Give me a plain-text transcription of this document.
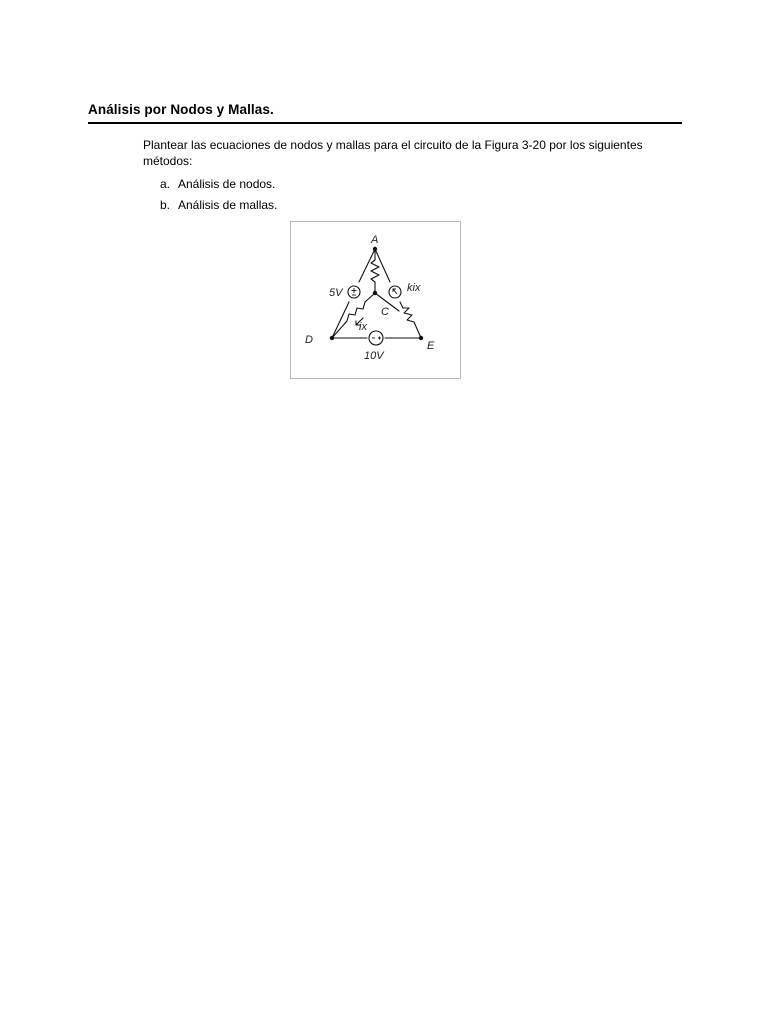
Análisis por Nodos y Mallas.
Plantear las ecuaciones de nodos y mallas para el circuito de la Figura 3-20 por los siguientes métodos:
a. Análisis de nodos.
b. Análisis de mallas.
A
C
D	E
5V	kix
10V
ix
